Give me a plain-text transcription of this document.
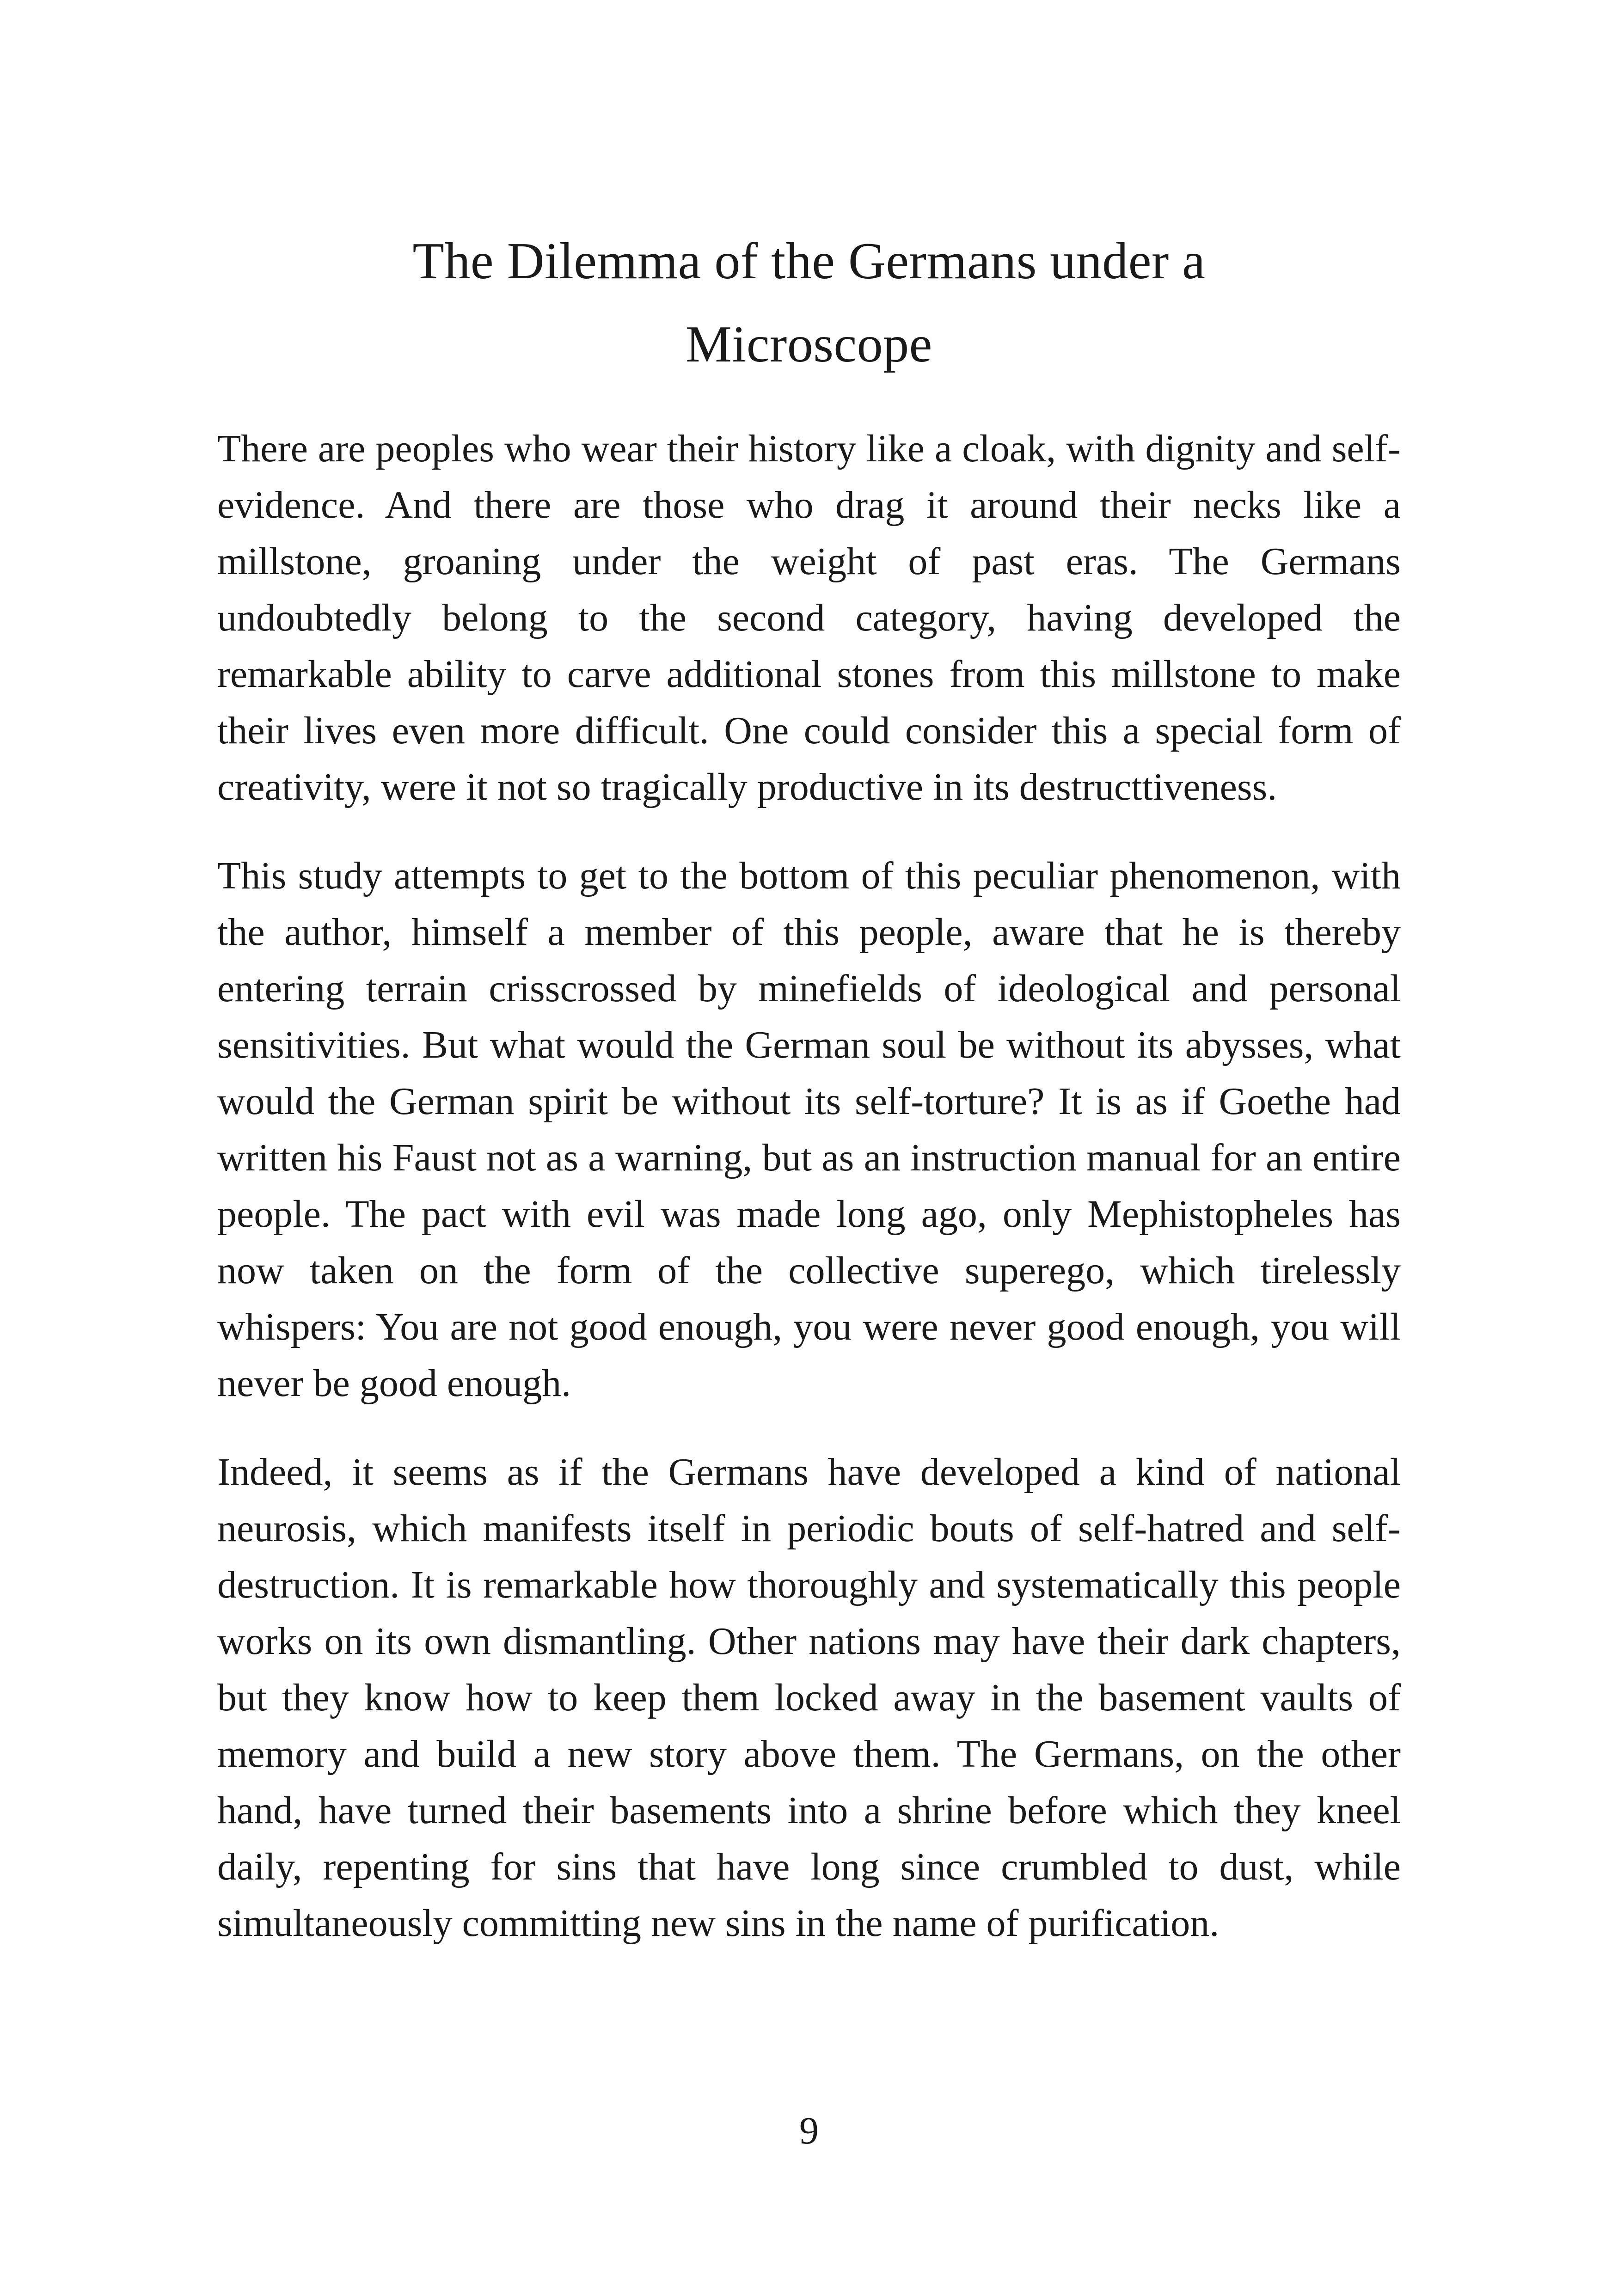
The Dilemma of the Germans under a
Microscope

There are peoples who wear their history like a cloak, with dignity and self-evidence. And there are those who drag it around their necks like a millstone, groaning under the weight of past eras. The Germans undoubtedly belong to the second category, having developed the remarkable ability to carve additional stones from this millstone to make their lives even more difficult. One could consider this a special form of creativity, were it not so tragically productive in its destructtiveness.

This study attempts to get to the bottom of this peculiar phenomenon, with the author, himself a member of this people, aware that he is thereby entering terrain crisscrossed by minefields of ideological and personal sensitivities. But what would the German soul be without its abysses, what would the German spirit be without its self-torture? It is as if Goethe had written his Faust not as a warning, but as an instruction manual for an entire people. The pact with evil was made long ago, only Mephistopheles has now taken on the form of the collective superego, which tirelessly whispers: You are not good enough, you were never good enough, you will never be good enough.

Indeed, it seems as if the Germans have developed a kind of national neurosis, which manifests itself in periodic bouts of self-hatred and self-destruction. It is remarkable how thoroughly and systematically this people works on its own dismantling. Other nations may have their dark chapters, but they know how to keep them locked away in the basement vaults of memory and build a new story above them. The Germans, on the other hand, have turned their basements into a shrine before which they kneel daily, repenting for sins that have long since crumbled to dust, while simultaneously committing new sins in the name of purification.

9
